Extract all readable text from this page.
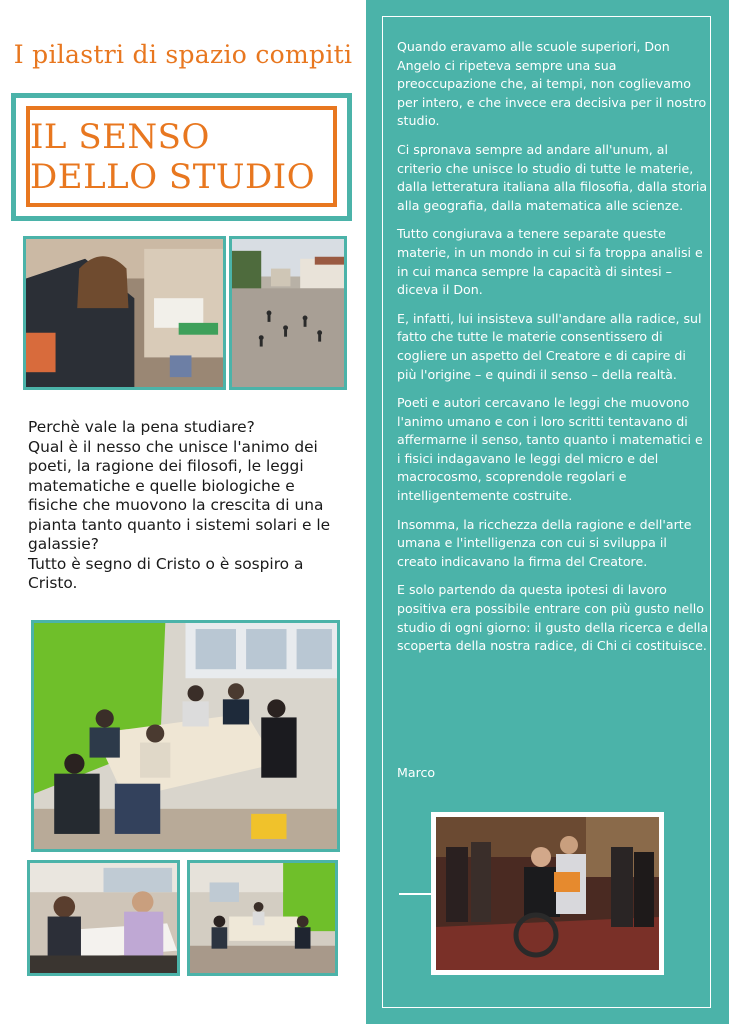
I pilastri di spazio compiti
IL SENSO DELLO STUDIO

Perchè vale la pena studiare?

Qual è il nesso che unisce l'animo dei poeti, la ragione dei filosofi, le leggi matematiche e quelle biologiche e fisiche che muovono la crescita di una pianta tanto quanto i sistemi solari e le galassie?

Tutto è segno di Cristo o è sospiro a Cristo.

Quando eravamo alle scuole superiori, Don Angelo ci ripeteva sempre una sua preoccupazione che, ai tempi, non coglievamo per intero, e che invece era decisiva per il nostro studio.

Ci spronava sempre ad andare all'unum, al criterio che unisce lo studio di tutte le materie, dalla letteratura italiana alla filosofia, dalla storia alla geografia, dalla matematica alle scienze.

Tutto congiurava a tenere separate queste materie, in un mondo in cui si fa troppa analisi e in cui manca sempre la capacità di sintesi – diceva il Don.

E, infatti, lui insisteva sull'andare alla radice, sul fatto che tutte le materie consentissero di cogliere un aspetto del Creatore e di capire di più l'origine – e quindi il senso – della realtà.

Poeti e autori cercavano le leggi che muovono l'animo umano e con i loro scritti tentavano di affermarne il senso, tanto quanto i matematici e i fisici indagavano le leggi del micro e del macrocosmo, scoprendole regolari e intelligentemente costruite.

Insomma, la ricchezza della ragione e dell'arte umana e l'intelligenza con cui si sviluppa il creato indicavano la firma del Creatore.

E solo partendo da questa ipotesi di lavoro positiva era possibile entrare con più gusto nello studio di ogni giorno: il gusto della ricerca e della scoperta della nostra radice, di Chi ci costituisce.

Marco
